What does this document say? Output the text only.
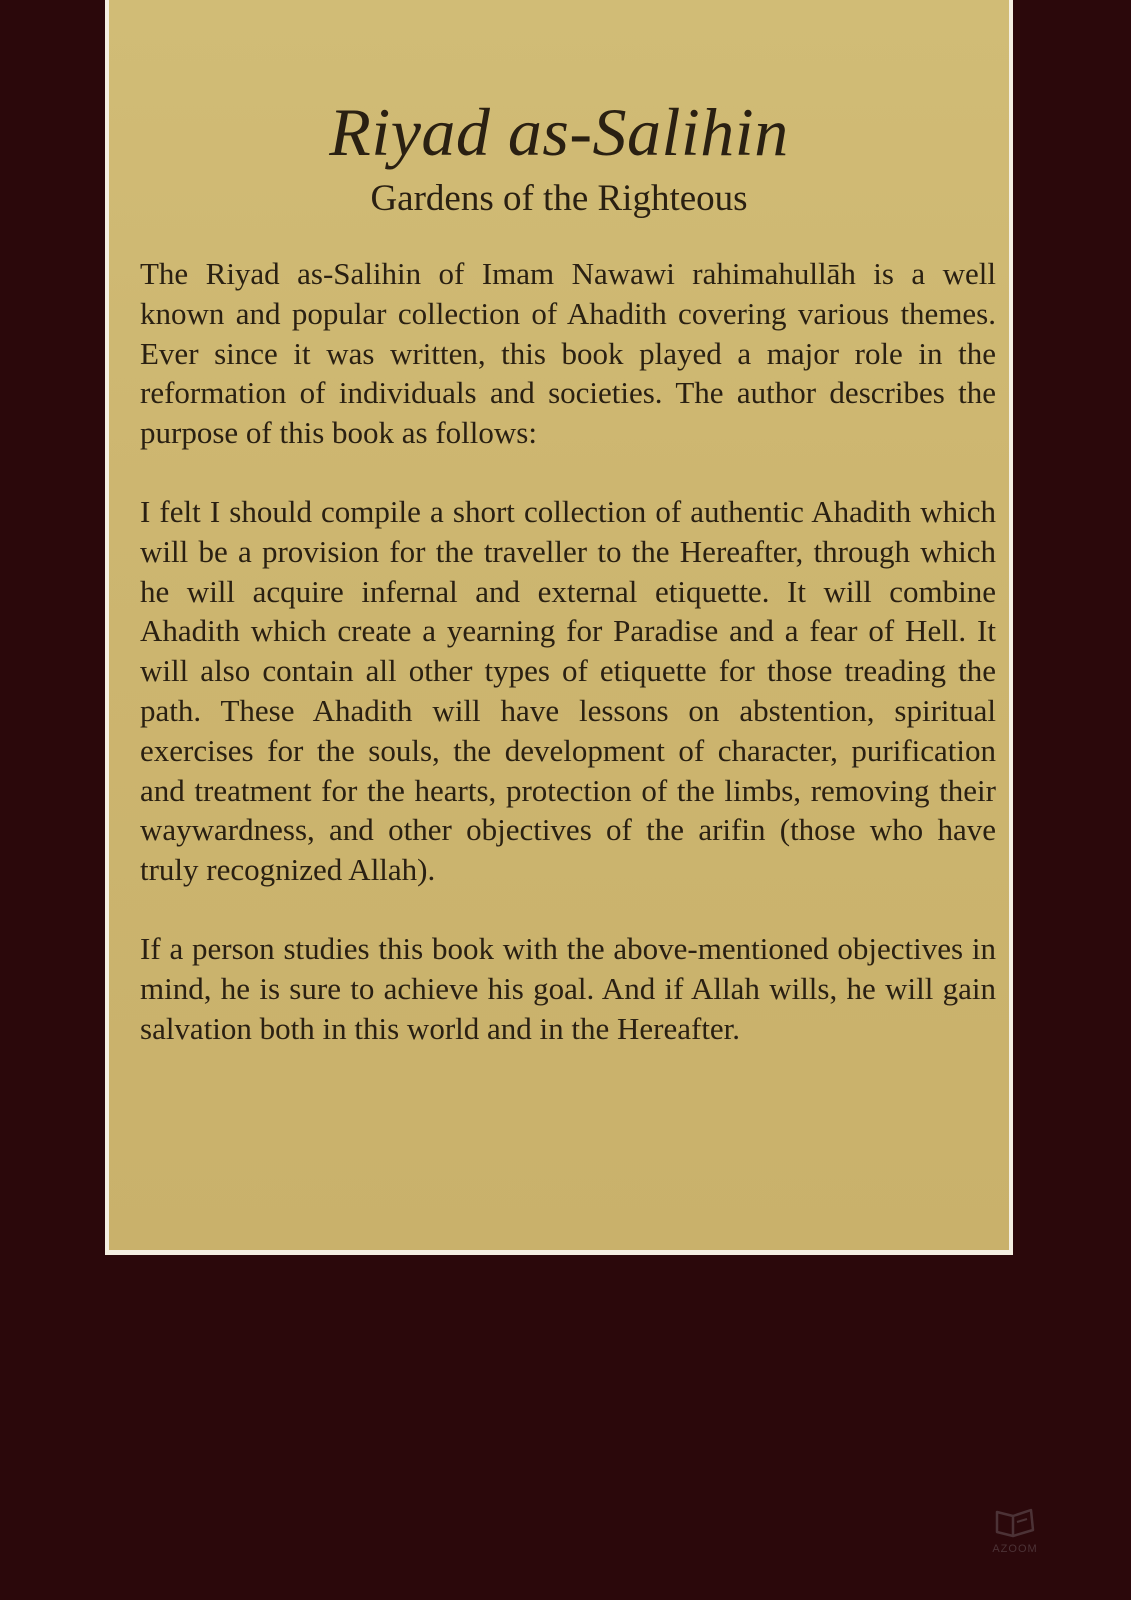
Riyad as-Salihin
Gardens of the Righteous

The Riyad as-Salihin of Imam Nawawi rahimahullāh is a well known and popular collection of Ahadith covering various themes. Ever since it was written, this book played a major role in the reformation of individuals and societies. The author describes the purpose of this book as follows:

I felt I should compile a short collection of authentic Ahadith which will be a provision for the traveller to the Hereafter, through which he will acquire infernal and external etiquette. It will combine Ahadith which create a yearning for Paradise and a fear of Hell. It will also contain all other types of etiquette for those treading the path. These Ahadith will have lessons on abstention, spiritual exercises for the souls, the development of character, purification and treatment for the hearts, protection of the limbs, removing their waywardness, and other objectives of the arifin (those who have truly recognized Allah).

If a person studies this book with the above-mentioned objectives in mind, he is sure to achieve his goal. And if Allah wills, he will gain salvation both in this world and in the Hereafter.

AZOOM
